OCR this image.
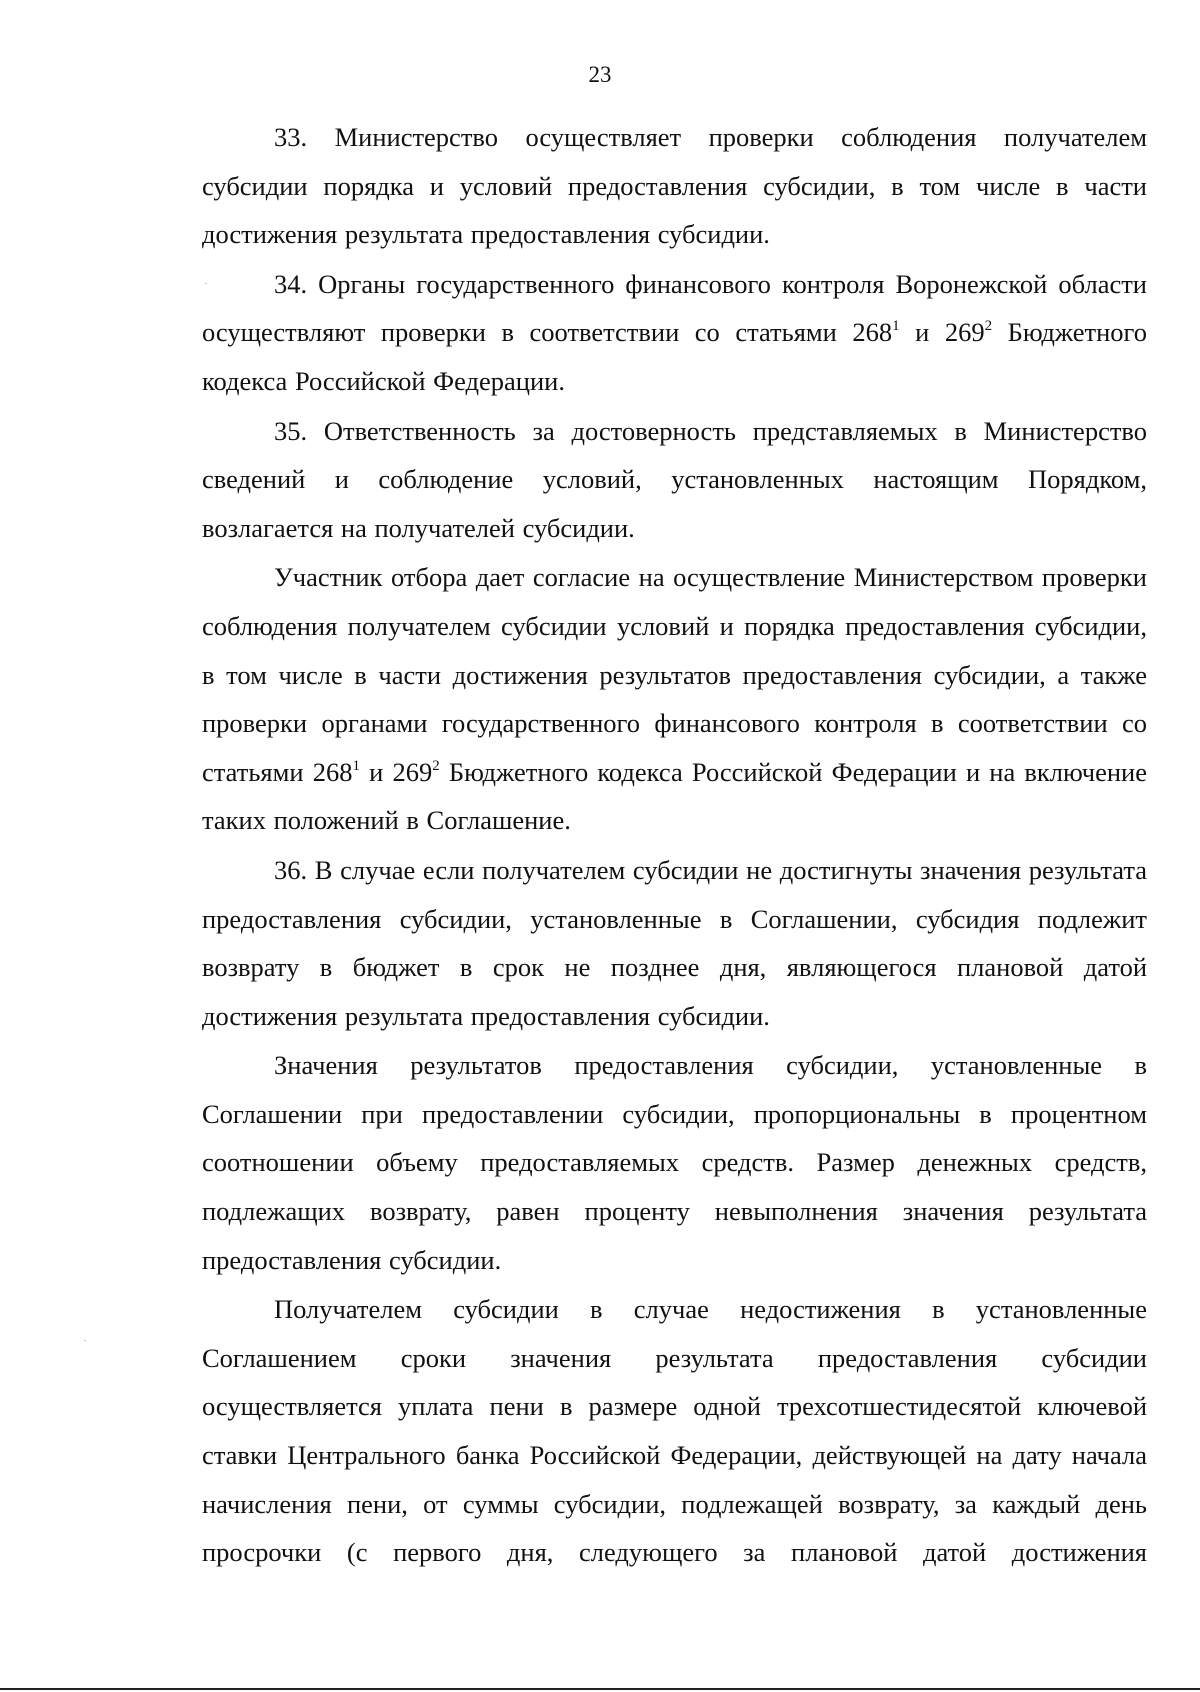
23

33. Министерство осуществляет проверки соблюдения получателем субсидии порядка и условий предоставления субсидии, в том числе в части достижения результата предоставления субсидии.

34. Органы государственного финансового контроля Воронежской области осуществляют проверки в соответствии со статьями $268^1$ и $269^2$ Бюджетного кодекса Российской Федерации.

35. Ответственность за достоверность представляемых в Министерство сведений и соблюдение условий, установленных настоящим Порядком, возлагается на получателей субсидии.

Участник отбора дает согласие на осуществление Министерством проверки соблюдения получателем субсидии условий и порядка предоставления субсидии, в том числе в части достижения результатов предоставления субсидии, а также проверки органами государственного финансового контроля в соответствии со статьями $268^1$ и $269^2$ Бюджетного кодекса Российской Федерации и на включение таких положений в Соглашение.

36. В случае если получателем субсидии не достигнуты значения результата предоставления субсидии, установленные в Соглашении, субсидия подлежит возврату в бюджет в срок не позднее дня, являющегося плановой датой достижения результата предоставления субсидии.

Значения результатов предоставления субсидии, установленные в Соглашении при предоставлении субсидии, пропорциональны в процентном соотношении объему предоставляемых средств. Размер денежных средств, подлежащих возврату, равен проценту невыполнения значения результата предоставления субсидии.

Получателем субсидии в случае недостижения в установленные Соглашением сроки значения результата предоставления субсидии осуществляется уплата пени в размере одной трехсотшестидесятой ключевой ставки Центрального банка Российской Федерации, действующей на дату начала начисления пени, от суммы субсидии, подлежащей возврату, за каждый день просрочки (с первого дня, следующего за плановой датой достижения
